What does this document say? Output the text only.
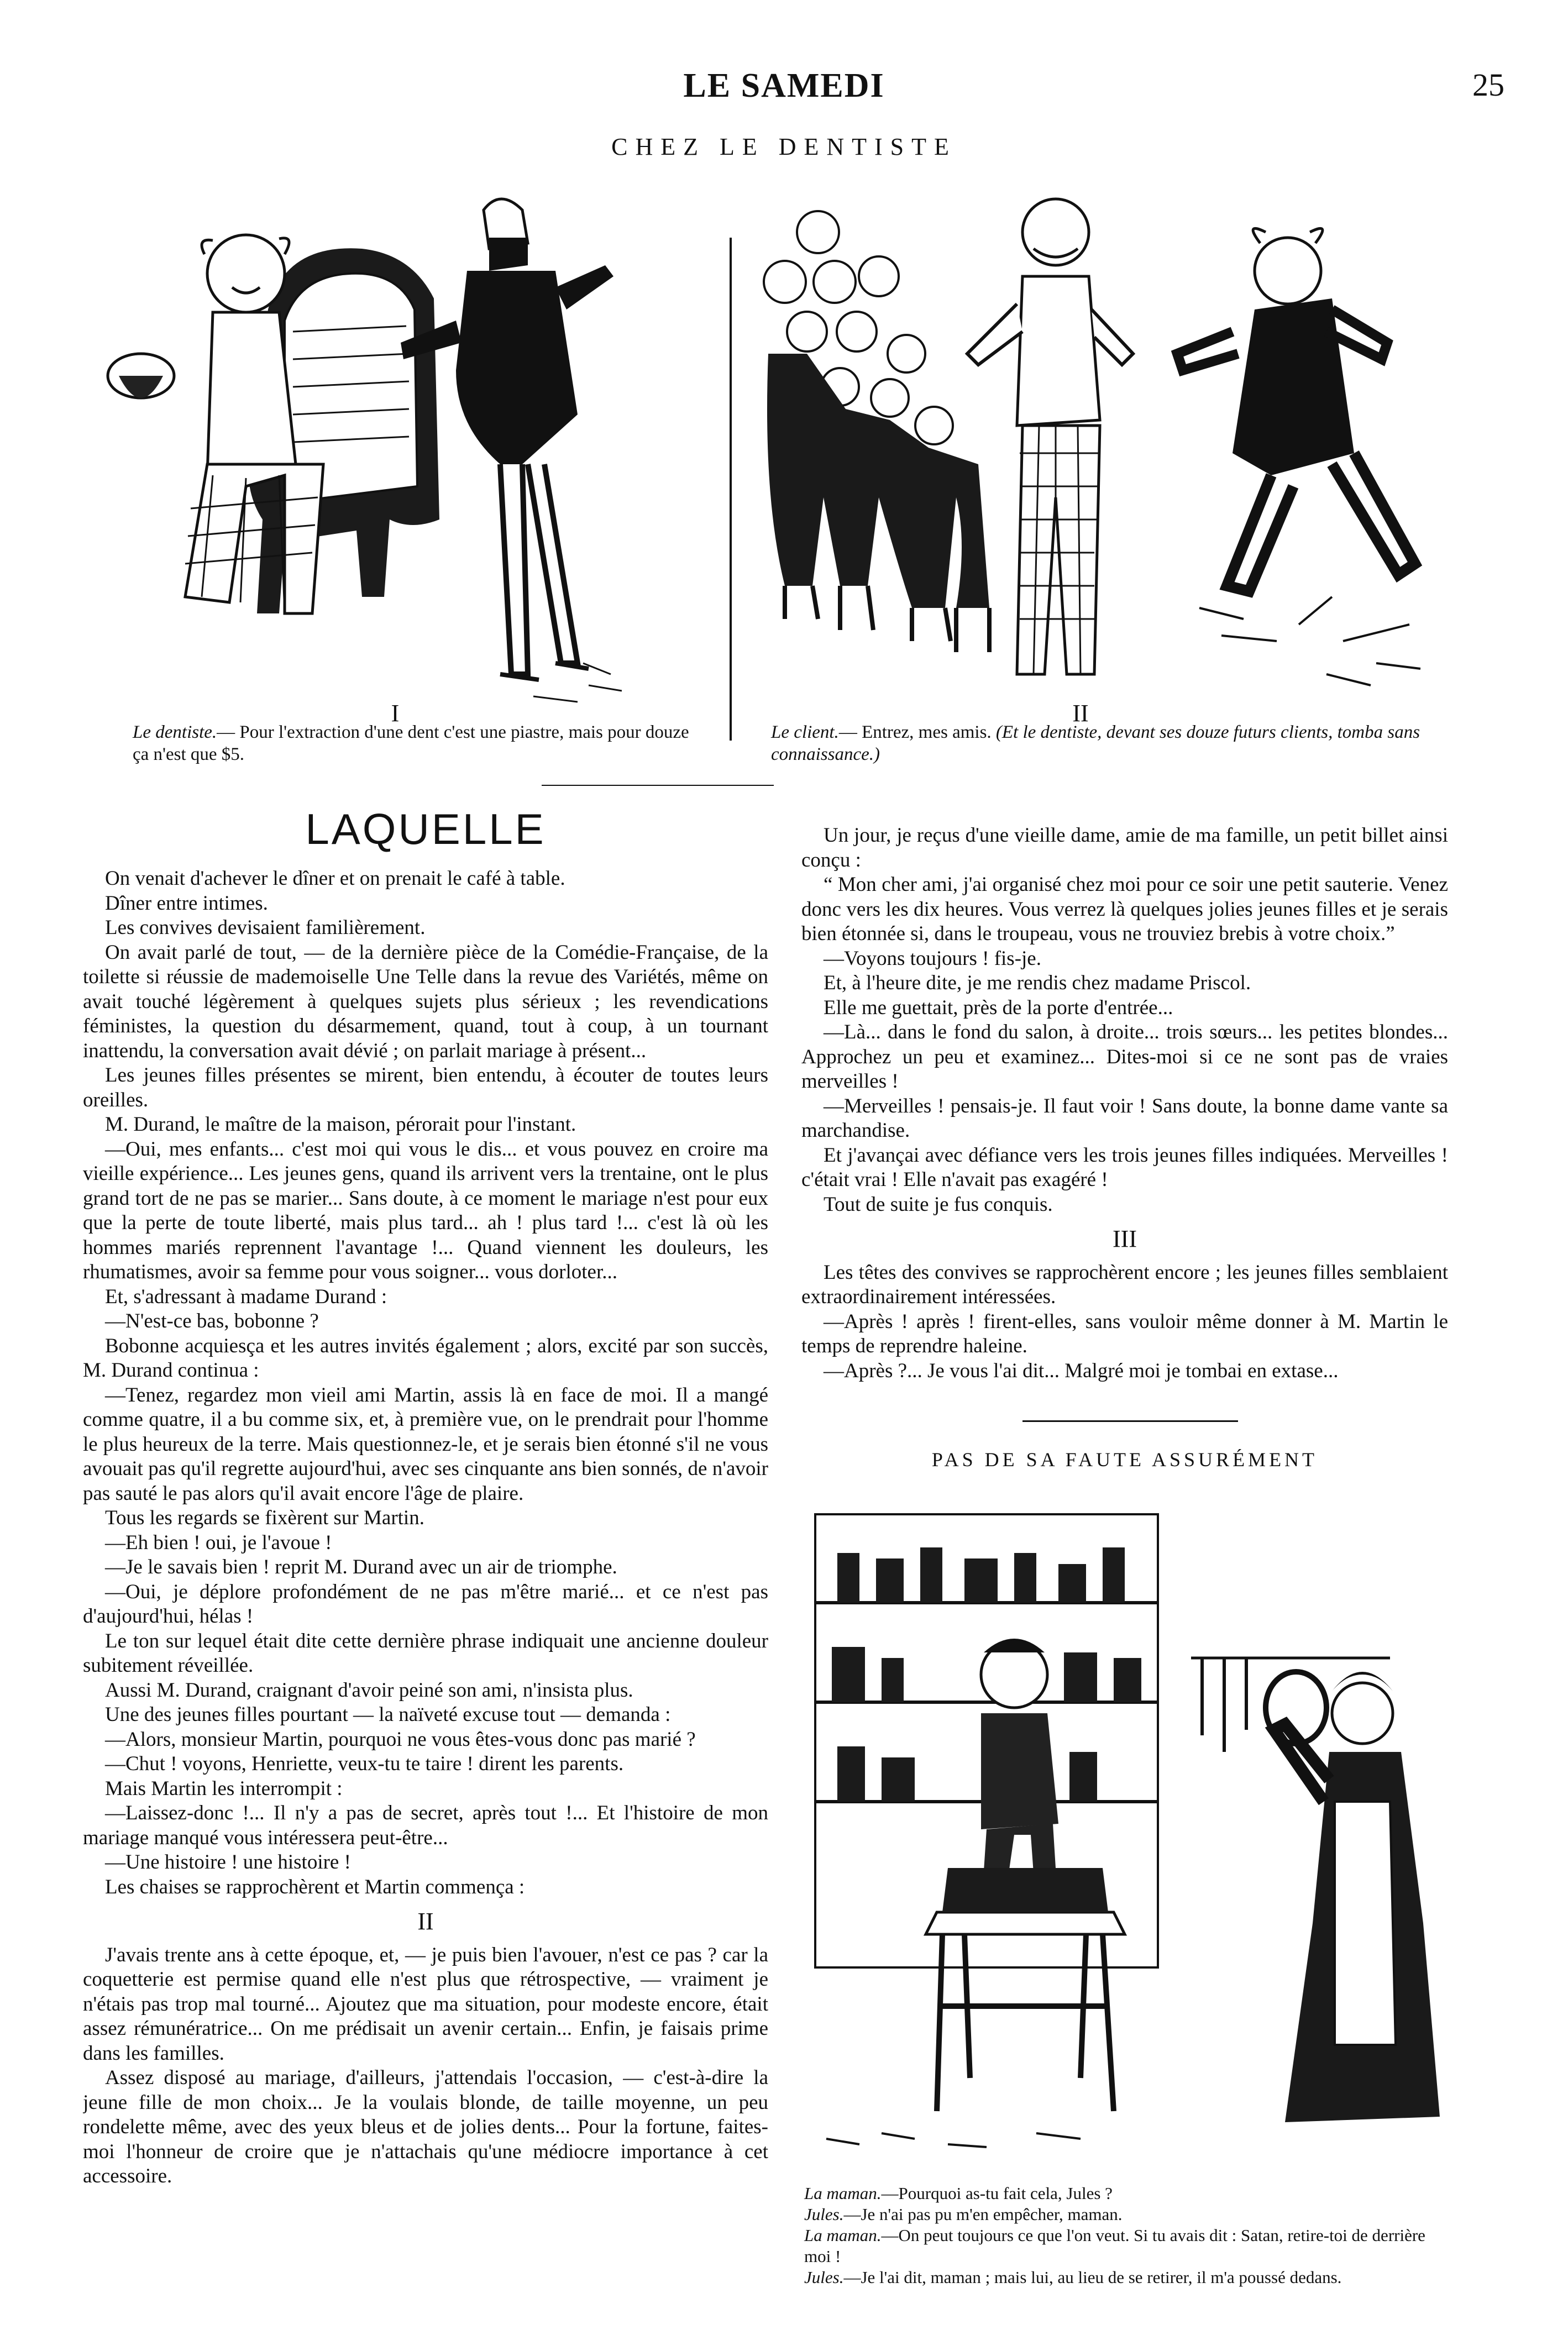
LE SAMEDI	25
CHEZ LE DENTISTE
I
Le dentiste.— Pour l'extraction d'une dent c'est une piastre, mais pour douze ça n'est que $5.
II
Le client.— Entrez, mes amis. (Et le dentiste, devant ses douze futurs clients, tomba sans connaissance.)
LAQUELLE

On venait d'achever le dîner et on prenait le café à table.

Dîner entre intimes.

Les convives devisaient familièrement.

On avait parlé de tout, — de la dernière pièce de la Comédie-Française, de la toilette si réussie de mademoiselle Une Telle dans la revue des Variétés, même on avait touché légèrement à quelques sujets plus sérieux ; les revendications féministes, la question du désarmement, quand, tout à coup, à un tournant inattendu, la conversation avait dévié ; on parlait mariage à présent...

Les jeunes filles présentes se mirent, bien entendu, à écouter de toutes leurs oreilles.

M. Durand, le maître de la maison, pérorait pour l'instant.

—Oui, mes enfants... c'est moi qui vous le dis... et vous pouvez en croire ma vieille expérience... Les jeunes gens, quand ils arrivent vers la trentaine, ont le plus grand tort de ne pas se marier... Sans doute, à ce moment le mariage n'est pour eux que la perte de toute liberté, mais plus tard... ah ! plus tard !... c'est là où les hommes mariés reprennent l'avantage !... Quand viennent les douleurs, les rhumatismes, avoir sa femme pour vous soigner... vous dorloter...

Et, s'adressant à madame Durand :

—N'est-ce bas, bobonne ?

Bobonne acquiesça et les autres invités également ; alors, excité par son succès, M. Durand continua :

—Tenez, regardez mon vieil ami Martin, assis là en face de moi. Il a mangé comme quatre, il a bu comme six, et, à première vue, on le prendrait pour l'homme le plus heureux de la terre. Mais questionnez-le, et je serais bien étonné s'il ne vous avouait pas qu'il regrette aujourd'hui, avec ses cinquante ans bien sonnés, de n'avoir pas sauté le pas alors qu'il avait encore l'âge de plaire.

Tous les regards se fixèrent sur Martin.

—Eh bien ! oui, je l'avoue !

—Je le savais bien ! reprit M. Durand avec un air de triomphe.

—Oui, je déplore profondément de ne pas m'être marié... et ce n'est pas d'aujourd'hui, hélas !

Le ton sur lequel était dite cette dernière phrase indiquait une ancienne douleur subitement réveillée.

Aussi M. Durand, craignant d'avoir peiné son ami, n'insista plus.

Une des jeunes filles pourtant — la naïveté excuse tout — demanda :

—Alors, monsieur Martin, pourquoi ne vous êtes-vous donc pas marié ?

—Chut ! voyons, Henriette, veux-tu te taire ! dirent les parents.

Mais Martin les interrompit :

—Laissez-donc !... Il n'y a pas de secret, après tout !... Et l'histoire de mon mariage manqué vous intéressera peut-être...

—Une histoire ! une histoire !

Les chaises se rapprochèrent et Martin commença :

II

J'avais trente ans à cette époque, et, — je puis bien l'avouer, n'est ce pas ? car la coquetterie est permise quand elle n'est plus que rétrospective, — vraiment je n'étais pas trop mal tourné... Ajoutez que ma situation, pour modeste encore, était assez rémunératrice... On me prédisait un avenir certain... Enfin, je faisais prime dans les familles.

Assez disposé au mariage, d'ailleurs, j'attendais l'occasion, — c'est-à-dire la jeune fille de mon choix... Je la voulais blonde, de taille moyenne, un peu rondelette même, avec des yeux bleus et de jolies dents... Pour la fortune, faites-moi l'honneur de croire que je n'attachais qu'une médiocre importance à cet accessoire.

Un jour, je reçus d'une vieille dame, amie de ma famille, un petit billet ainsi conçu :

“ Mon cher ami, j'ai organisé chez moi pour ce soir une petit sauterie. Venez donc vers les dix heures. Vous verrez là quelques jolies jeunes filles et je serais bien étonnée si, dans le troupeau, vous ne trouviez brebis à votre choix.”

—Voyons toujours ! fis-je.

Et, à l'heure dite, je me rendis chez madame Priscol.

Elle me guettait, près de la porte d'entrée...

—Là... dans le fond du salon, à droite... trois sœurs... les petites blondes... Approchez un peu et examinez... Dites-moi si ce ne sont pas de vraies merveilles !

—Merveilles ! pensais-je. Il faut voir ! Sans doute, la bonne dame vante sa marchandise.

Et j'avançai avec défiance vers les trois jeunes filles indiquées. Merveilles ! c'était vrai ! Elle n'avait pas exagéré !

Tout de suite je fus conquis.

III

Les têtes des convives se rapprochèrent encore ; les jeunes filles semblaient extraordinairement intéressées.

—Après ! après ! firent-elles, sans vouloir même donner à M. Martin le temps de reprendre haleine.

—Après ?... Je vous l'ai dit... Malgré moi je tombai en extase...

PAS DE SA FAUTE ASSURÉMENT
La maman.—Pourquoi as-tu fait cela, Jules ?
Jules.—Je n'ai pas pu m'en empêcher, maman.
La maman.—On peut toujours ce que l'on veut. Si tu avais dit : Satan, retire-toi de derrière moi !
Jules.—Je l'ai dit, maman ; mais lui, au lieu de se retirer, il m'a poussé dedans.
